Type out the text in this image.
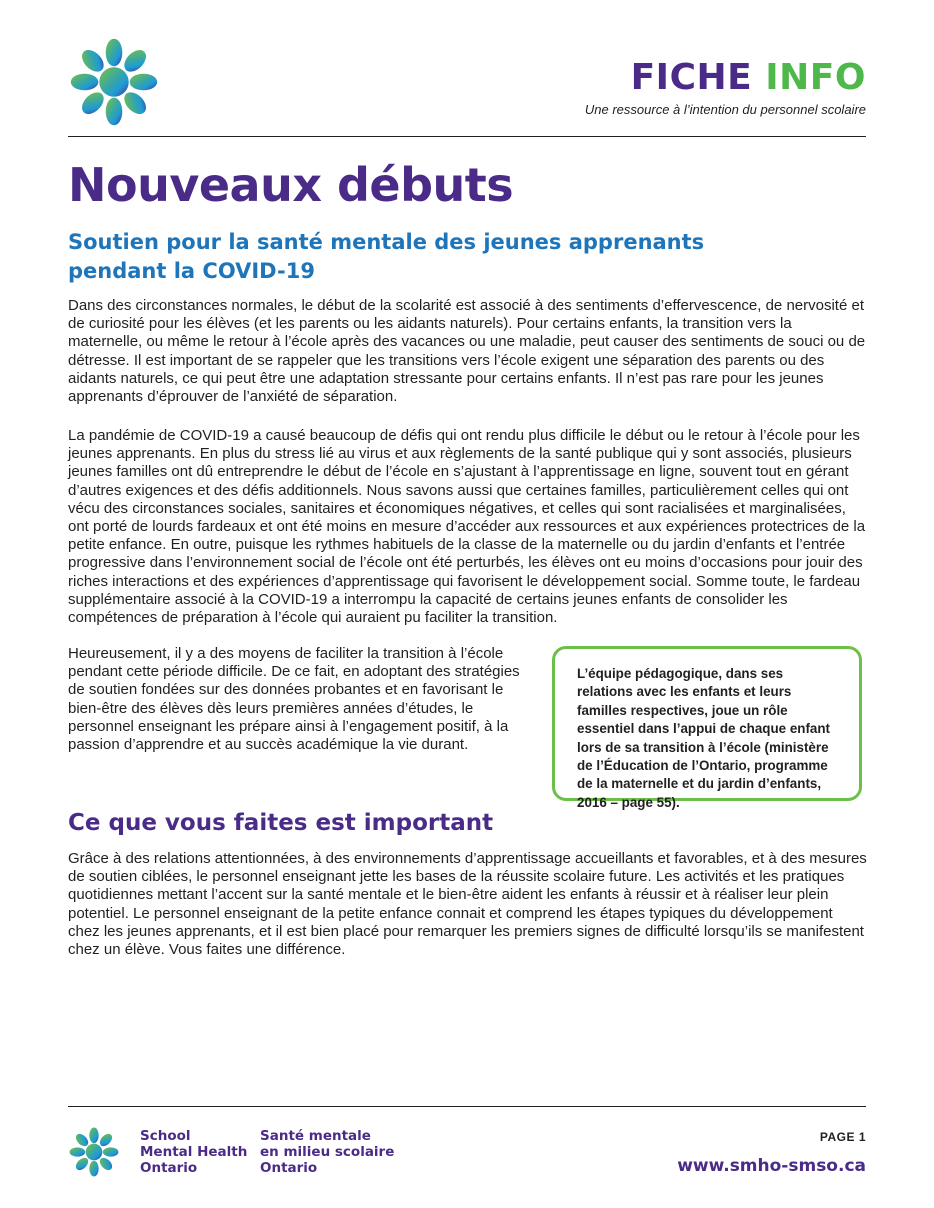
FICHE INFO
Une ressource à l’intention du personnel scolaire
Nouveaux débuts
Soutien pour la santé mentale des jeunes apprenants pendant la COVID-19

Dans des circonstances normales, le début de la scolarité est associé à des sentiments d’effervescence, de nervosité et de curiosité pour les élèves (et les parents ou les aidants naturels). Pour certains enfants, la transition vers la maternelle, ou même le retour à l’école après des vacances ou une maladie, peut causer des sentiments de souci ou de détresse. Il est important de se rappeler que les transitions vers l’école exigent une séparation des parents ou des aidants naturels, ce qui peut être une adaptation stressante pour certains enfants. Il n’est pas rare pour les jeunes apprenants d’éprouver de l’anxiété de séparation.

La pandémie de COVID-19 a causé beaucoup de défis qui ont rendu plus difficile le début ou le retour à l’école pour les jeunes apprenants. En plus du stress lié au virus et aux règlements de la santé publique qui y sont associés, plusieurs jeunes familles ont dû entreprendre le début de l’école en s’ajustant à l’apprentissage en ligne, souvent tout en gérant d’autres exigences et des défis additionnels. Nous savons aussi que certaines familles, particulièrement celles qui ont vécu des circonstances sociales, sanitaires et économiques négatives, et celles qui sont racialisées et marginalisées, ont porté de lourds fardeaux et ont été moins en mesure d’accéder aux ressources et aux expériences protectrices de la petite enfance. En outre, puisque les rythmes habituels de la classe de la maternelle ou du jardin d’enfants et l’entrée progressive dans l’environnement social de l’école ont été perturbés, les élèves ont eu moins d’occasions pour jouir des riches interactions et des expériences d’apprentissage qui favorisent le développement social. Somme toute, le fardeau supplémentaire associé à la COVID-19 a interrompu la capacité de certains jeunes enfants de consolider les compétences de préparation à l’école qui auraient pu faciliter la transition.

Heureusement, il y a des moyens de faciliter la transition à l’école pendant cette période difficile. De ce fait, en adoptant des stratégies de soutien fondées sur des données probantes et en favorisant le bien-être des élèves dès leurs premières années d’études, le personnel enseignant les prépare ainsi à l’engagement positif, à la passion d’apprendre et au succès académique la vie durant.

L’équipe pédagogique, dans ses relations avec les enfants et leurs familles respectives, joue un rôle essentiel dans l’appui de chaque enfant lors de sa transition à l’école (ministère de l’Éducation de l’Ontario, programme de la maternelle et du jardin d’enfants, 2016 – page 55).
Ce que vous faites est important

Grâce à des relations attentionnées, à des environnements d’apprentissage accueillants et favorables, et à des mesures de soutien ciblées, le personnel enseignant jette les bases de la réussite scolaire future. Les activités et les pratiques quotidiennes mettant l’accent sur la santé mentale et le bien-être aident les enfants à réussir et à réaliser leur plein potentiel. Le personnel enseignant de la petite enfance connait et comprend les étapes typiques du développement chez les jeunes apprenants, et il est bien placé pour remarquer les premiers signes de difficulté lorsqu’ils se manifestent chez un élève. Vous faites une différence.

School
Mental Health
Ontario
Santé mentale
en milieu scolaire
Ontario
PAGE 1
www.smho-smso.ca
